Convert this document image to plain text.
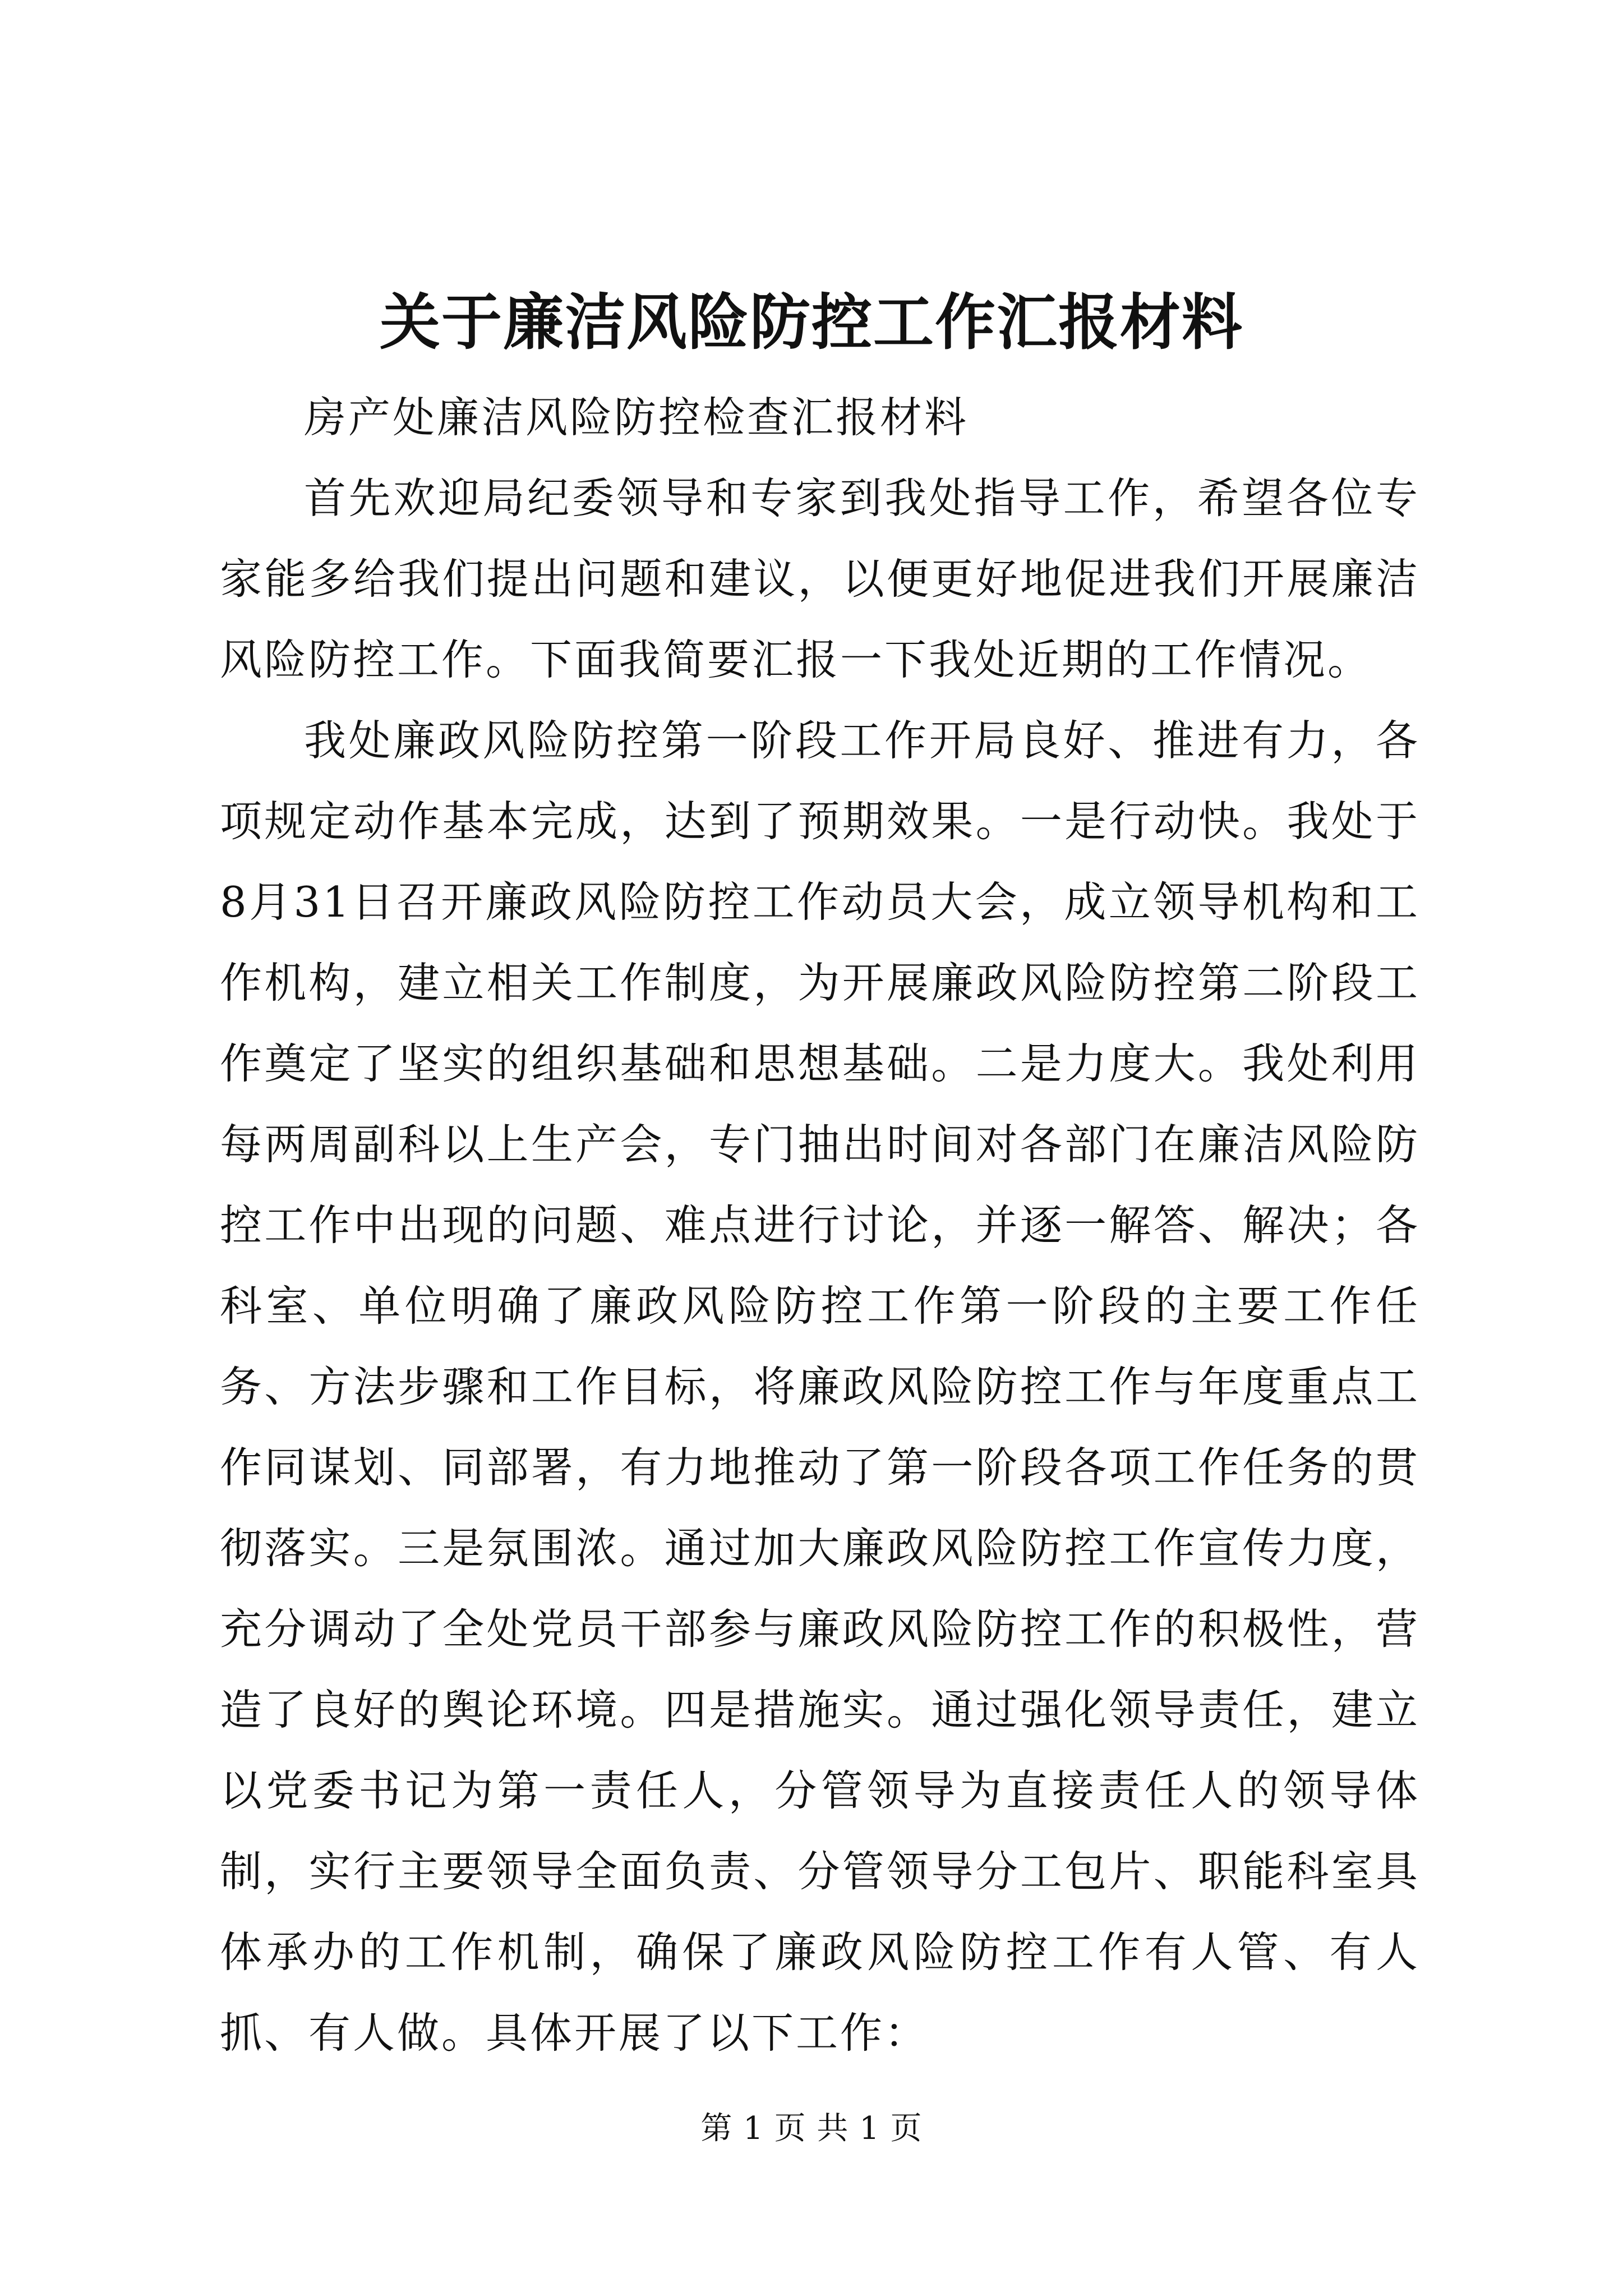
关于廉洁风险防控工作汇报材料

房产处廉洁风险防控检查汇报材料

首先欢迎局纪委领导和专家到我处指导工作，希望各位专家能多给我们提出问题和建议，以便更好地促进我们开展廉洁风险防控工作。下面我简要汇报一下我处近期的工作情况。

我处廉政风险防控第一阶段工作开局良好、推进有力，各项规定动作基本完成，达到了预期效果。一是行动快。我处于8月31日召开廉政风险防控工作动员大会，成立领导机构和工作机构，建立相关工作制度，为开展廉政风险防控第二阶段工作奠定了坚实的组织基础和思想基础。二是力度大。我处利用每两周副科以上生产会，专门抽出时间对各部门在廉洁风险防控工作中出现的问题、难点进行讨论，并逐一解答、解决；各科室、单位明确了廉政风险防控工作第一阶段的主要工作任务、方法步骤和工作目标，将廉政风险防控工作与年度重点工作同谋划、同部署，有力地推动了第一阶段各项工作任务的贯彻落实。三是氛围浓。通过加大廉政风险防控工作宣传力度，充分调动了全处党员干部参与廉政风险防控工作的积极性，营造了良好的舆论环境。四是措施实。通过强化领导责任，建立以党委书记为第一责任人，分管领导为直接责任人的领导体制，实行主要领导全面负责、分管领导分工包片、职能科室具体承办的工作机制，确保了廉政风险防控工作有人管、有人抓、有人做。具体开展了以下工作：

第 1 页 共 1 页
